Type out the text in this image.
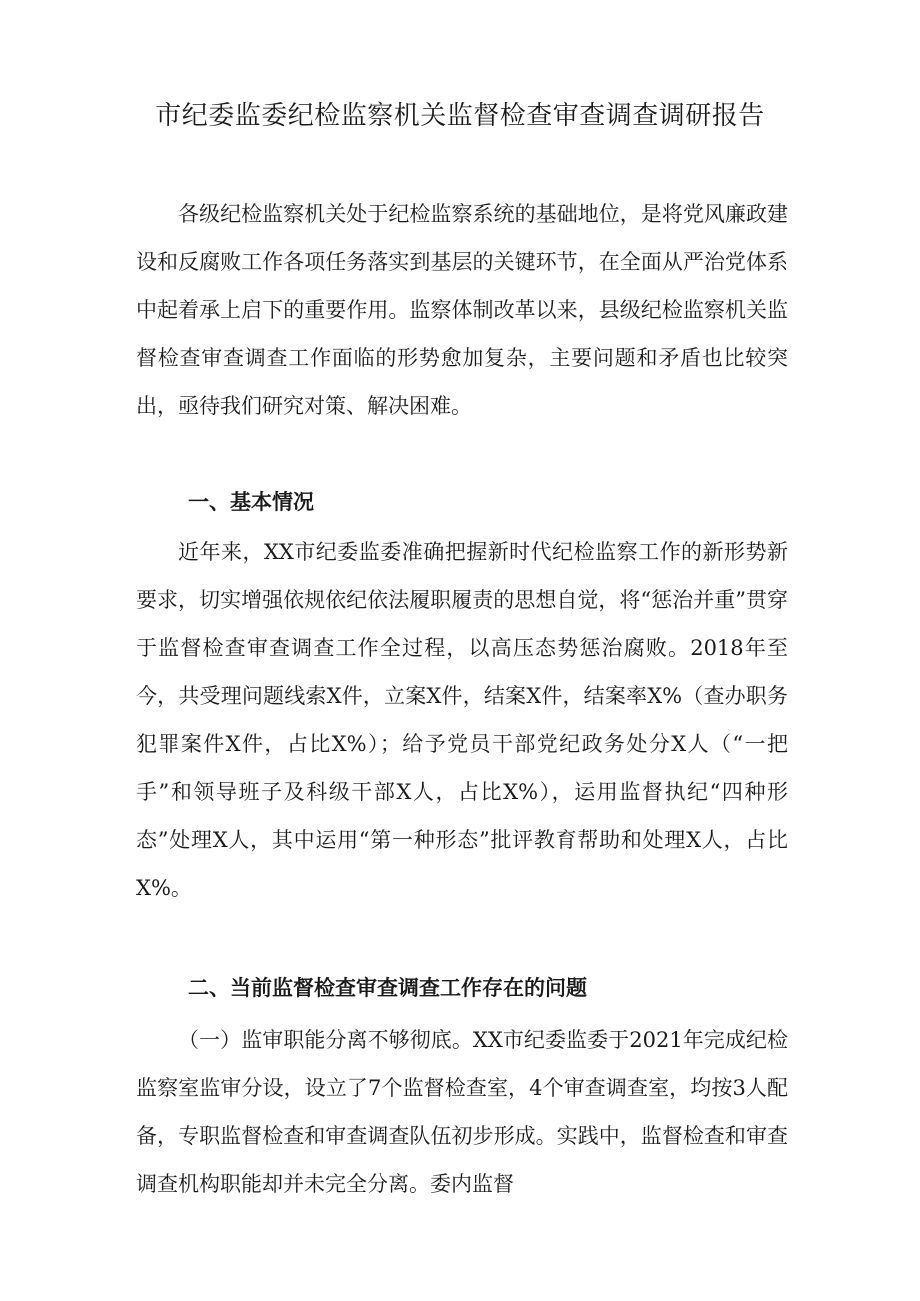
市纪委监委纪检监察机关监督检查审查调查调研报告

各级纪检监察机关处于纪检监察系统的基础地位，是将党风廉政建设和反腐败工作各项任务落实到基层的关键环节，在全面从严治党体系中起着承上启下的重要作用。监察体制改革以来，县级纪检监察机关监督检查审查调查工作面临的形势愈加复杂，主要问题和矛盾也比较突出，亟待我们研究对策、解决困难。

一、基本情况

近年来，XX市纪委监委准确把握新时代纪检监察工作的新形势新要求，切实增强依规依纪依法履职履责的思想自觉，将“惩治并重”贯穿于监督检查审查调查工作全过程，以高压态势惩治腐败。2018年至今，共受理问题线索X件，立案X件，结案X件，结案率X%（查办职务犯罪案件X件，占比X%）；给予党员干部党纪政务处分X人（“一把手”和领导班子及科级干部X人，占比X%），运用监督执纪“四种形态”处理X人，其中运用“第一种形态”批评教育帮助和处理X人，占比X%。

二、当前监督检查审查调查工作存在的问题

（一）监审职能分离不够彻底。XX市纪委监委于2021年完成纪检监察室监审分设，设立了7个监督检查室，4个审查调查室，均按3人配备，专职监督检查和审查调查队伍初步形成。实践中，监督检查和审查调查机构职能却并未完全分离。委内监督
